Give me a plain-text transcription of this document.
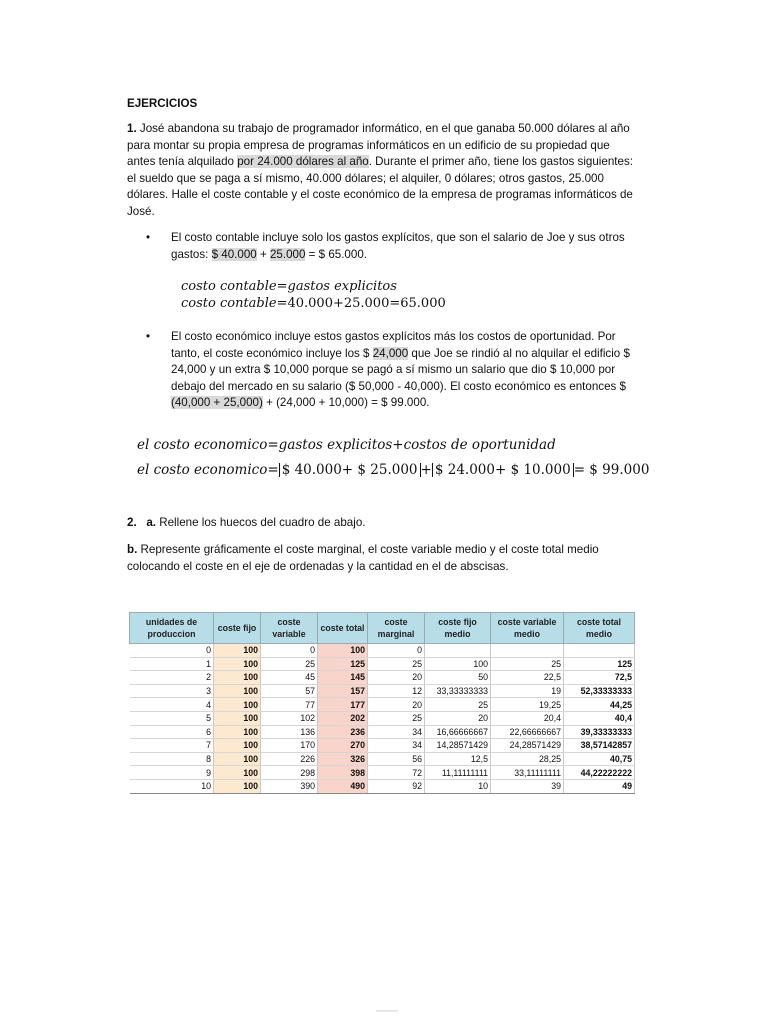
EJERCICIOS
1. José abandona su trabajo de programador informático, en el que ganaba 50.000 dólares al año para montar su propia empresa de programas informáticos en un edificio de su propiedad que antes tenía alquilado por 24.000 dólares al año. Durante el primer año, tiene los gastos siguientes: el sueldo que se paga a sí mismo, 40.000 dólares; el alquiler, 0 dólares; otros gastos, 25.000 dólares. Halle el coste contable y el coste económico de la empresa de programas informáticos de José.
• El costo contable incluye solo los gastos explícitos, que son el salario de Joe y sus otros gastos: $ 40.000 + 25.000 = $ 65.000.
costo contable=gastos explicitos
costo contable=40.000+25.000=65.000
• El costo económico incluye estos gastos explícitos más los costos de oportunidad. Por tanto, el coste económico incluye los $ 24,000 que Joe se rindió al no alquilar el edificio $ 24,000 y un extra $ 10,000 porque se pagó a sí mismo un salario que dio $ 10,000 por debajo del mercado en su salario ($ 50,000 - 40,000). El costo económico es entonces $ (40,000 + 25,000) + (24,000 + 10,000) = $ 99.000.
el costo economico=gastos explicitos+costos de oportunidad
el costo economico= $ 40.000+ $ 25.000 + $ 24.000+ $ 10.000 = $ 99.000
2. a. Rellene los huecos del cuadro de abajo.
b. Represente gráficamente el coste marginal, el coste variable medio y el coste total medio colocando el coste en el eje de ordenadas y la cantidad en el de abscisas.
unidades de produccion	coste fijo	coste variable	coste total	coste marginal	coste fijo medio	coste variable medio	coste total medio
0	100	0	100	0			
1	100	25	125	25	100	25	125
2	100	45	145	20	50	22,5	72,5
3	100	57	157	12	33,33333333	19	52,33333333
4	100	77	177	20	25	19,25	44,25
5	100	102	202	25	20	20,4	40,4
6	100	136	236	34	16,66666667	22,66666667	39,33333333
7	100	170	270	34	14,28571429	24,28571429	38,57142857
8	100	226	326	56	12,5	28,25	40,75
9	100	298	398	72	11,11111111	33,11111111	44,22222222
10	100	390	490	92	10	39	49
